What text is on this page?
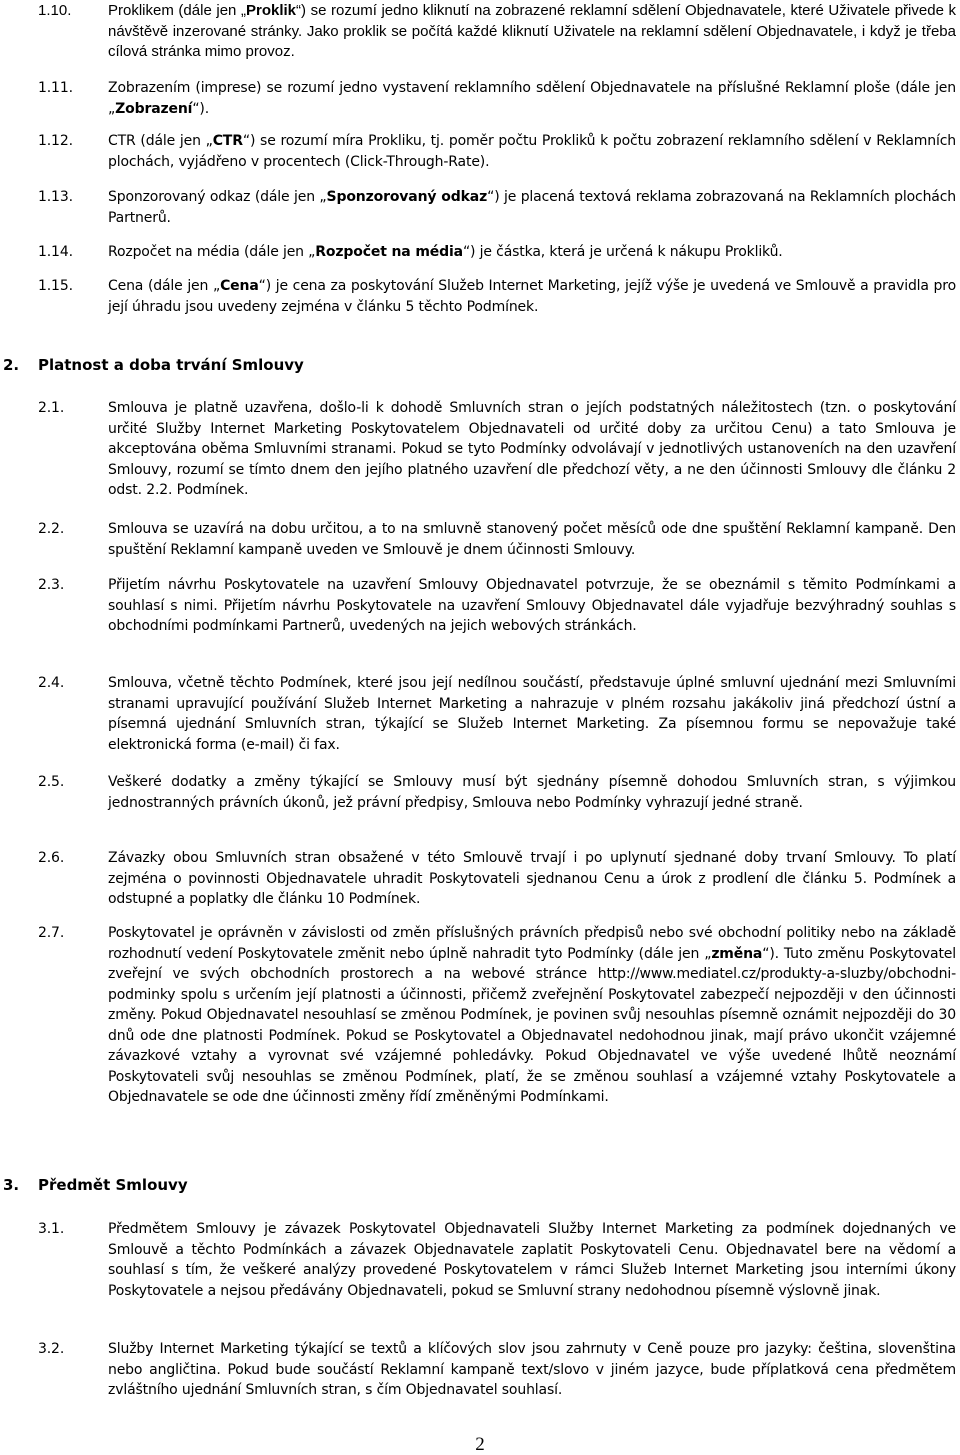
1.10.	Proklikem (dále jen „Proklik“) se rozumí jedno kliknutí na zobrazené reklamní sdělení Objednavatele, které Uživatele přivede k návštěvě inzerované stránky. Jako proklik se počítá každé kliknutí Uživatele na reklamní sdělení Objednavatele, i když je třeba cílová stránka mimo provoz.
1.11.	Zobrazením (imprese) se rozumí jedno vystavení reklamního sdělení Objednavatele na příslušné Reklamní ploše (dále jen „Zobrazení“).
1.12.	CTR (dále jen „CTR“) se rozumí míra Prokliku, tj. poměr počtu Prokliků k počtu zobrazení reklamního sdělení v Reklamních plochách, vyjádřeno v procentech (Click-Through-Rate).
1.13.	Sponzorovaný odkaz (dále jen „Sponzorovaný odkaz“) je placená textová reklama zobrazovaná na Reklamních plochách Partnerů.
1.14.	Rozpočet na média (dále jen „Rozpočet na média“) je částka, která je určená k nákupu Prokliků.
1.15.	Cena (dále jen „Cena“) je cena za poskytování Služeb Internet Marketing, jejíž výše je uvedená ve Smlouvě a pravidla pro její úhradu jsou uvedeny zejména v článku 5 těchto Podmínek.
2. Platnost a doba trvání Smlouvy
2.1.	Smlouva je platně uzavřena, došlo-li k dohodě Smluvních stran o jejích podstatných náležitostech (tzn. o poskytování určité Služby Internet Marketing Poskytovatelem Objednavateli od určité doby za určitou Cenu) a tato Smlouva je akceptována oběma Smluvními stranami. Pokud se tyto Podmínky odvolávají v jednotlivých ustanoveních na den uzavření Smlouvy, rozumí se tímto dnem den jejího platného uzavření dle předchozí věty, a ne den účinnosti Smlouvy dle článku 2 odst. 2.2. Podmínek.
2.2.	Smlouva se uzavírá na dobu určitou, a to na smluvně stanovený počet měsíců ode dne spuštění Reklamní kampaně. Den spuštění Reklamní kampaně uveden ve Smlouvě je dnem účinnosti Smlouvy.
2.3.	Přijetím návrhu Poskytovatele na uzavření Smlouvy Objednavatel potvrzuje, že se obeznámil s těmito Podmínkami a souhlasí s nimi. Přijetím návrhu Poskytovatele na uzavření Smlouvy Objednavatel dále vyjadřuje bezvýhradný souhlas s obchodními podmínkami Partnerů, uvedených na jejich webových stránkách.
2.4.	Smlouva, včetně těchto Podmínek, které jsou její nedílnou součástí, představuje úplné smluvní ujednání mezi Smluvními stranami upravující používání Služeb Internet Marketing a nahrazuje v plném rozsahu jakákoliv jiná předchozí ústní a písemná ujednání Smluvních stran, týkající se Služeb Internet Marketing. Za písemnou formu se nepovažuje také elektronická forma (e-mail) či fax.
2.5.	Veškeré dodatky a změny týkající se Smlouvy musí být sjednány písemně dohodou Smluvních stran, s výjimkou jednostranných právních úkonů, jež právní předpisy, Smlouva nebo Podmínky vyhrazují jedné straně.
2.6.	Závazky obou Smluvních stran obsažené v této Smlouvě trvají i po uplynutí sjednané doby trvaní Smlouvy. To platí zejména o povinnosti Objednavatele uhradit Poskytovateli sjednanou Cenu a úrok z prodlení dle článku 5. Podmínek a odstupné a poplatky dle článku 10 Podmínek.
2.7.	Poskytovatel je oprávněn v závislosti od změn příslušných právních předpisů nebo své obchodní politiky nebo na základě rozhodnutí vedení Poskytovatele změnit nebo úplně nahradit tyto Podmínky (dále jen „změna“). Tuto změnu Poskytovatel zveřejní ve svých obchodních prostorech a na webové stránce http://www.mediatel.cz/produkty-a-sluzby/obchodni-podminky spolu s určením její platnosti a účinnosti, přičemž zveřejnění Poskytovatel zabezpečí nejpozději v den účinnosti změny. Pokud Objednavatel nesouhlasí se změnou Podmínek, je povinen svůj nesouhlas písemně oznámit nejpozději do 30 dnů ode dne platnosti Podmínek. Pokud se Poskytovatel a Objednavatel nedohodnou jinak, mají právo ukončit vzájemné závazkové vztahy a vyrovnat své vzájemné pohledávky. Pokud Objednavatel ve výše uvedené lhůtě neoznámí Poskytovateli svůj nesouhlas se změnou Podmínek, platí, že se změnou souhlasí a vzájemné vztahy Poskytovatele a Objednavatele se ode dne účinnosti změny řídí změněnými Podmínkami.
3. Předmět Smlouvy
3.1.	Předmětem Smlouvy je závazek Poskytovatel Objednavateli Služby Internet Marketing za podmínek dojednaných ve Smlouvě a těchto Podmínkách a závazek Objednavatele zaplatit Poskytovateli Cenu. Objednavatel bere na vědomí a souhlasí s tím, že veškeré analýzy provedené Poskytovatelem v rámci Služeb Internet Marketing jsou interními úkony Poskytovatele a nejsou předávány Objednavateli, pokud se Smluvní strany nedohodnou písemně výslovně jinak.
3.2.	Služby Internet Marketing týkající se textů a klíčových slov jsou zahrnuty v Ceně pouze pro jazyky: čeština, slovenština nebo angličtina. Pokud bude součástí Reklamní kampaně text/slovo v jiném jazyce, bude příplatková cena předmětem zvláštního ujednání Smluvních stran, s čím Objednavatel souhlasí.
2
